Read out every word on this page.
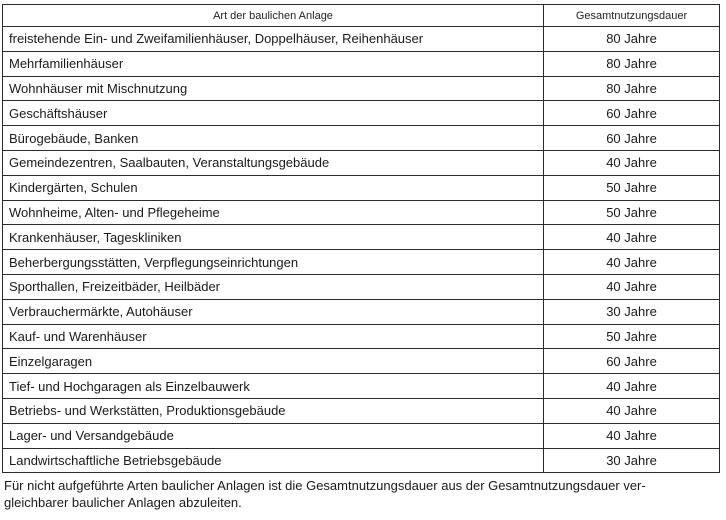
Art der baulichen Anlage	Gesamtnutzungsdauer
freistehende Ein- und Zweifamilienhäuser, Doppelhäuser, Reihenhäuser	80 Jahre
Mehrfamilienhäuser	80 Jahre
Wohnhäuser mit Mischnutzung	80 Jahre
Geschäftshäuser	60 Jahre
Bürogebäude, Banken	60 Jahre
Gemeindezentren, Saalbauten, Veranstaltungsgebäude	40 Jahre
Kindergärten, Schulen	50 Jahre
Wohnheime, Alten- und Pflegeheime	50 Jahre
Krankenhäuser, Tageskliniken	40 Jahre
Beherbergungsstätten, Verpflegungseinrichtungen	40 Jahre
Sporthallen, Freizeitbäder, Heilbäder	40 Jahre
Verbrauchermärkte, Autohäuser	30 Jahre
Kauf- und Warenhäuser	50 Jahre
Einzelgaragen	60 Jahre
Tief- und Hochgaragen als Einzelbauwerk	40 Jahre
Betriebs- und Werkstätten, Produktionsgebäude	40 Jahre
Lager- und Versandgebäude	40 Jahre
Landwirtschaftliche Betriebsgebäude	30 Jahre
Für nicht aufgeführte Arten baulicher Anlagen ist die Gesamtnutzungsdauer aus der Gesamtnutzungsdauer ver-
gleichbarer baulicher Anlagen abzuleiten.
